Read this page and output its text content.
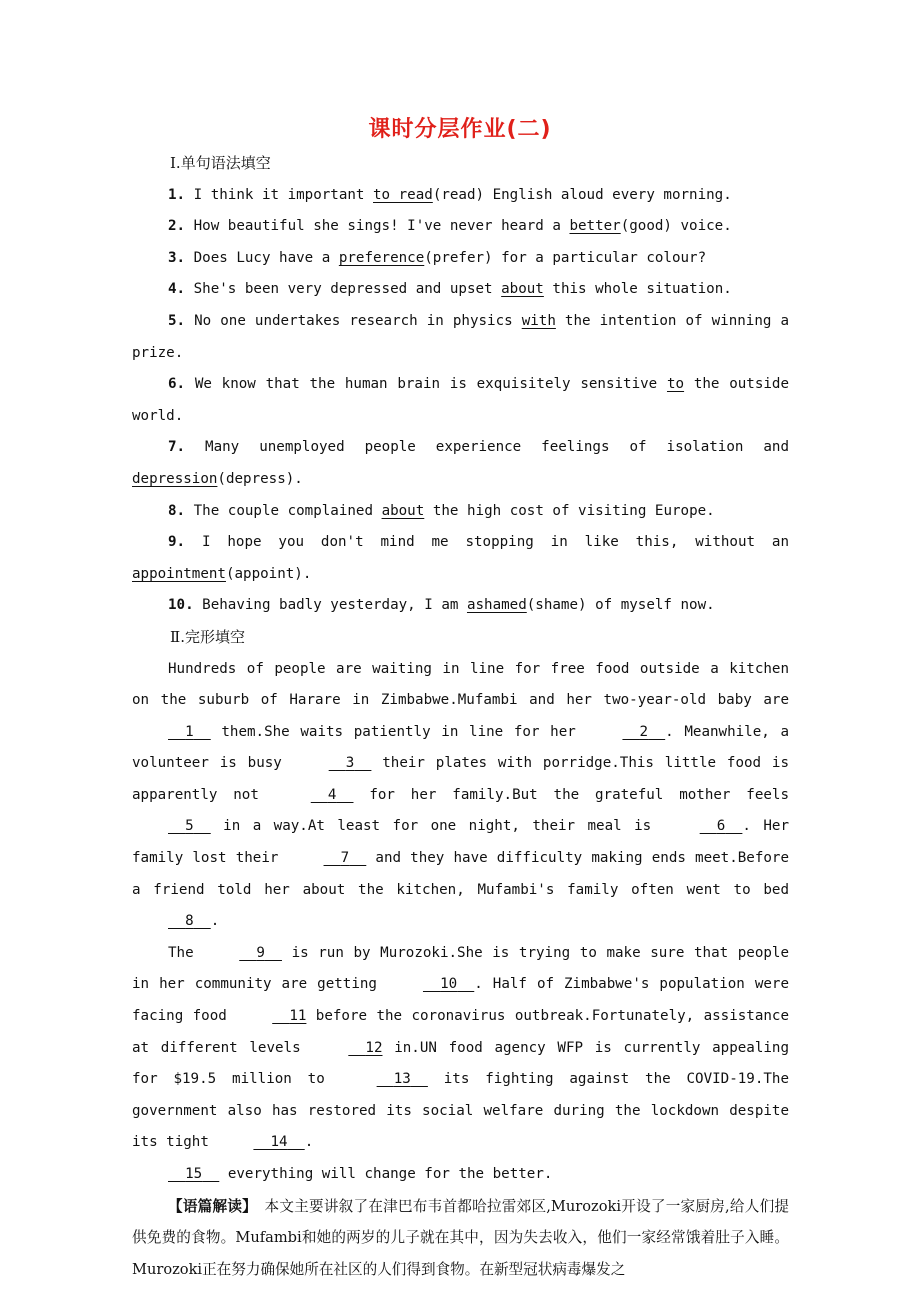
课时分层作业(二)
Ⅰ.单句语法填空
1. I think it important to read(read) English aloud every morning.
2. How beautiful she sings! I've never heard a better(good) voice.
3. Does Lucy have a preference(prefer) for a particular colour?
4. She's been very depressed and upset about this whole situation.
5. No one undertakes research in physics with the intention of winning a prize.
6. We know that the human brain is exquisitely sensitive to the outside world.
7. Many unemployed people experience feelings of isolation and depression(depress).
8. The couple complained about the high cost of visiting Europe.
9. I hope you don't mind me stopping in like this, without an appointment(appoint).
10. Behaving badly yesterday, I am ashamed(shame) of myself now.
Ⅱ.完形填空

Hundreds of people are waiting in line for free food outside a kitchen on the suburb of Harare in Zimbabwe.Mufambi and her two-year-old baby are   1   them.She waits patiently in line for her	2 . Meanwhile, a volunteer is busy	3   their plates with porridge.This little food is apparently not	4   for her family.But the grateful mother feels   5   in a way.At least for one night, their meal is	6 . Her family lost their	7   and they have difficulty making ends meet.Before a friend told her about the kitchen, Mufambi's family often went to bed   8 .

The	9   is run by Murozoki.She is trying to make sure that people in her community are getting	10 . Half of Zimbabwe's population were facing food	11 before the coronavirus outbreak.Fortunately, assistance at different levels	12 in.UN food agency WFP is currently appealing for $19.5 million to	13   its fighting against the COVID-19.The government also has restored its social welfare during the lockdown despite its tight	14 .

15   everything will change for the better.
【语篇解读】　本文主要讲叙了在津巴布韦首都哈拉雷郊区,Murozoki开设了一家厨房,给人们提供免费的食物。Mufambi和她的两岁的儿子就在其中，因为失去收入，他们一家经常饿着肚子入睡。Murozoki正在努力确保她所在社区的人们得到食物。在新型冠状病毒爆发之
